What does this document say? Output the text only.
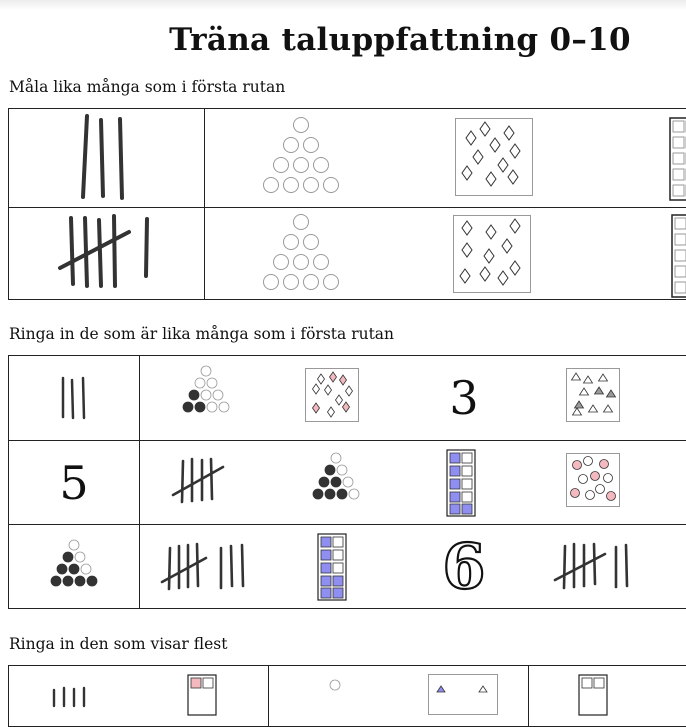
Träna taluppfattning 0–10
Måla lika många som i första rutan
Ringa in de som är lika många som i första rutan
3
5
6
Ringa in den som visar flest
